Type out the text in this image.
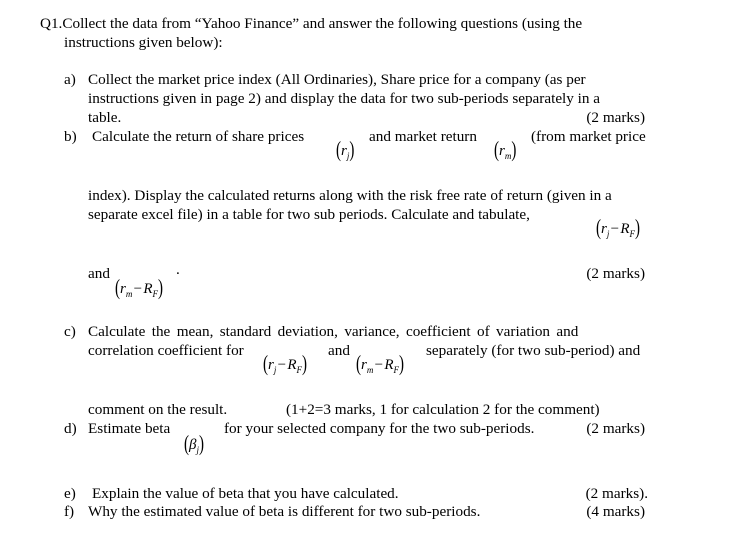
Q1.Collect the data from “Yahoo Finance” and answer the following questions (using the
instructions given below):
a) Collect the market price index (All Ordinaries), Share price for a company (as per
instructions given in page 2) and display the data for two sub-periods separately in a
table.	(2 marks)
b) Calculate the return of share prices	and market return	(from market price
$(r_j)$	$(r_m)$
index). Display the calculated returns along with the risk free rate of return (given in a
separate excel file) in a table for two sub periods. Calculate and tabulate,
($r_j$ − $R_F$)
and	.	(2 marks)
($r_m$ − $R_F$)
c) Calculate the mean, standard deviation, variance, coefficient of variation and
correlation coefficient for	and	separately (for two sub-period) and
($r_j$ − $R_F$)	($r_m$ − $R_F$)
comment on the result.	(1+2=3 marks, 1 for calculation 2 for the comment)
d) Estimate beta	for your selected company for the two sub-periods.	(2 marks)
$(\beta_j)$
e) Explain the value of beta that you have calculated.	(2 marks).
f) Why the estimated value of beta is different for two sub-periods.	(4 marks)
